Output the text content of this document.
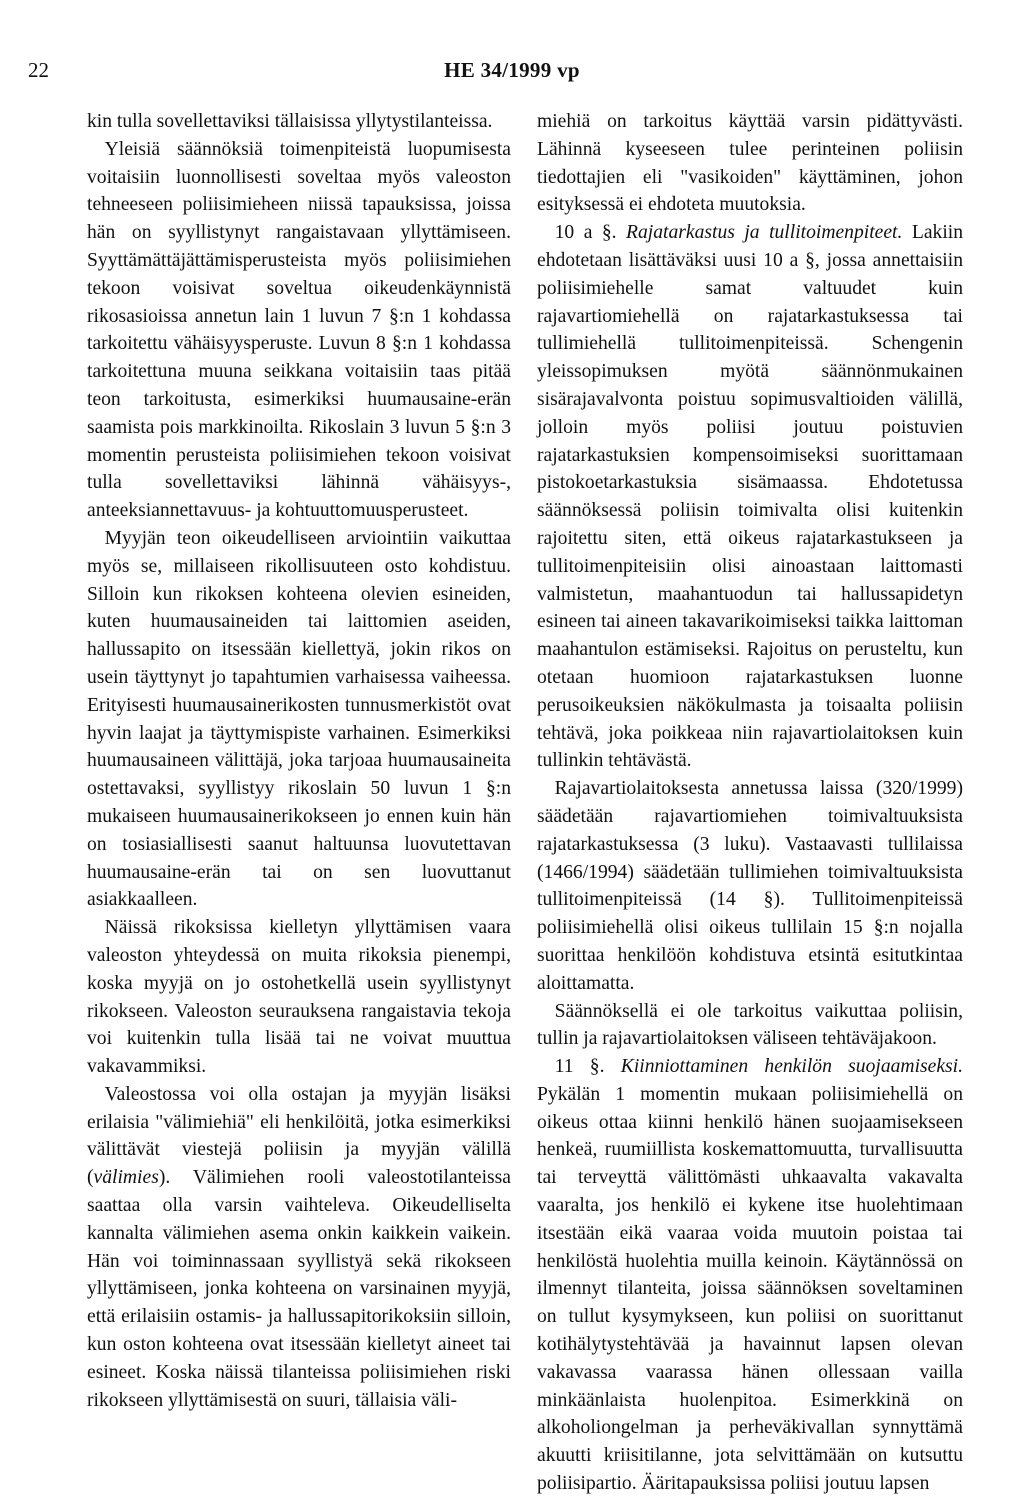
22	HE 34/1999 vp

kin tulla sovellettaviksi tällaisissa yllytystilanteissa.

Yleisiä säännöksiä toimenpiteistä luopumisesta voitaisiin luonnollisesti soveltaa myös valeoston tehneeseen poliisimieheen niissä tapauksissa, joissa hän on syyllistynyt rangaistavaan yllyttämiseen. Syyttämättäjättämisperusteista myös poliisimiehen tekoon voisivat soveltua oikeudenkäynnistä rikosasioissa annetun lain 1 luvun 7 §:n 1 kohdassa tarkoitettu vähäisyysperuste. Luvun 8 §:n 1 kohdassa tarkoitettuna muuna seikkana voitaisiin taas pitää teon tarkoitusta, esimerkiksi huumausaine-erän saamista pois markkinoilta. Rikoslain 3 luvun 5 §:n 3 momentin perusteista poliisimiehen tekoon voisivat tulla sovellettaviksi lähinnä vähäisyys-, anteeksiannettavuus- ja kohtuuttomuusperusteet.

Myyjän teon oikeudelliseen arviointiin vaikuttaa myös se, millaiseen rikollisuuteen osto kohdistuu. Silloin kun rikoksen kohteena olevien esineiden, kuten huumausaineiden tai laittomien aseiden, hallussapito on itsessään kiellettyä, jokin rikos on usein täyttynyt jo tapahtumien varhaisessa vaiheessa. Erityisesti huumausainerikosten tunnusmerkistöt ovat hyvin laajat ja täyttymispiste varhainen. Esimerkiksi huumausaineen välittäjä, joka tarjoaa huumausaineita ostettavaksi, syyllistyy rikoslain 50 luvun 1 §:n mukaiseen huumausainerikokseen jo ennen kuin hän on tosiasiallisesti saanut haltuunsa luovutettavan huumausaine-erän tai on sen luovuttanut asiakkaalleen.

Näissä rikoksissa kielletyn yllyttämisen vaara valeoston yhteydessä on muita rikoksia pienempi, koska myyjä on jo ostohetkellä usein syyllistynyt rikokseen. Valeoston seurauksena rangaistavia tekoja voi kuitenkin tulla lisää tai ne voivat muuttua vakavammiksi.

Valeostossa voi olla ostajan ja myyjän lisäksi erilaisia "välimiehiä" eli henkilöitä, jotka esimerkiksi välittävät viestejä poliisin ja myyjän välillä (välimies). Välimiehen rooli valeostotilanteissa saattaa olla varsin vaihteleva. Oikeudelliselta kannalta välimiehen asema onkin kaikkein vaikein. Hän voi toiminnassaan syyllistyä sekä rikokseen yllyttämiseen, jonka kohteena on varsinainen myyjä, että erilaisiin ostamis- ja hallussapitorikoksiin silloin, kun oston kohteena ovat itsessään kielletyt aineet tai esineet. Koska näissä tilanteissa poliisimiehen riski rikokseen yllyttämisestä on suuri, tällaisia väli-

miehiä on tarkoitus käyttää varsin pidättyvästi. Lähinnä kyseeseen tulee perinteinen poliisin tiedottajien eli "vasikoiden" käyttäminen, johon esityksessä ei ehdoteta muutoksia.

10 a §. Rajatarkastus ja tullitoimenpiteet. Lakiin ehdotetaan lisättäväksi uusi 10 a §, jossa annettaisiin poliisimiehelle samat valtuudet kuin rajavartiomiehellä on rajatarkastuksessa tai tullimiehellä tullitoimenpiteissä. Schengenin yleissopimuksen myötä säännönmukainen sisärajavalvonta poistuu sopimusvaltioiden välillä, jolloin myös poliisi joutuu poistuvien rajatarkastuksien kompensoimiseksi suorittamaan pistokoetarkastuksia sisämaassa. Ehdotetussa säännöksessä poliisin toimivalta olisi kuitenkin rajoitettu siten, että oikeus rajatarkastukseen ja tullitoimenpiteisiin olisi ainoastaan laittomasti valmistetun, maahantuodun tai hallussapidetyn esineen tai aineen takavarikoimiseksi taikka laittoman maahantulon estämiseksi. Rajoitus on perusteltu, kun otetaan huomioon rajatarkastuksen luonne perusoikeuksien näkökulmasta ja toisaalta poliisin tehtävä, joka poikkeaa niin rajavartiolaitoksen kuin tullinkin tehtävästä.

Rajavartiolaitoksesta annetussa laissa (320/1999) säädetään rajavartiomiehen toimivaltuuksista rajatarkastuksessa (3 luku). Vastaavasti tullilaissa (1466/1994) säädetään tullimiehen toimivaltuuksista tullitoimenpiteissä (14 §). Tullitoimenpiteissä poliisimiehellä olisi oikeus tullilain 15 §:n nojalla suorittaa henkilöön kohdistuva etsintä esitutkintaa aloittamatta.

Säännöksellä ei ole tarkoitus vaikuttaa poliisin, tullin ja rajavartiolaitoksen väliseen tehtäväjakoon.

11 §. Kiinniottaminen henkilön suojaamiseksi. Pykälän 1 momentin mukaan poliisimiehellä on oikeus ottaa kiinni henkilö hänen suojaamisekseen henkeä, ruumiillista koskemattomuutta, turvallisuutta tai terveyttä välittömästi uhkaavalta vakavalta vaaralta, jos henkilö ei kykene itse huolehtimaan itsestään eikä vaaraa voida muutoin poistaa tai henkilöstä huolehtia muilla keinoin. Käytännössä on ilmennyt tilanteita, joissa säännöksen soveltaminen on tullut kysymykseen, kun poliisi on suorittanut kotihälytystehtävää ja havainnut lapsen olevan vakavassa vaarassa hänen ollessaan vailla minkäänlaista huolenpitoa. Esimerkkinä on alkoholiongelman ja perheväkivallan synnyttämä akuutti kriisitilanne, jota selvittämään on kutsuttu poliisipartio. Ääritapauksissa poliisi joutuu lapsen
